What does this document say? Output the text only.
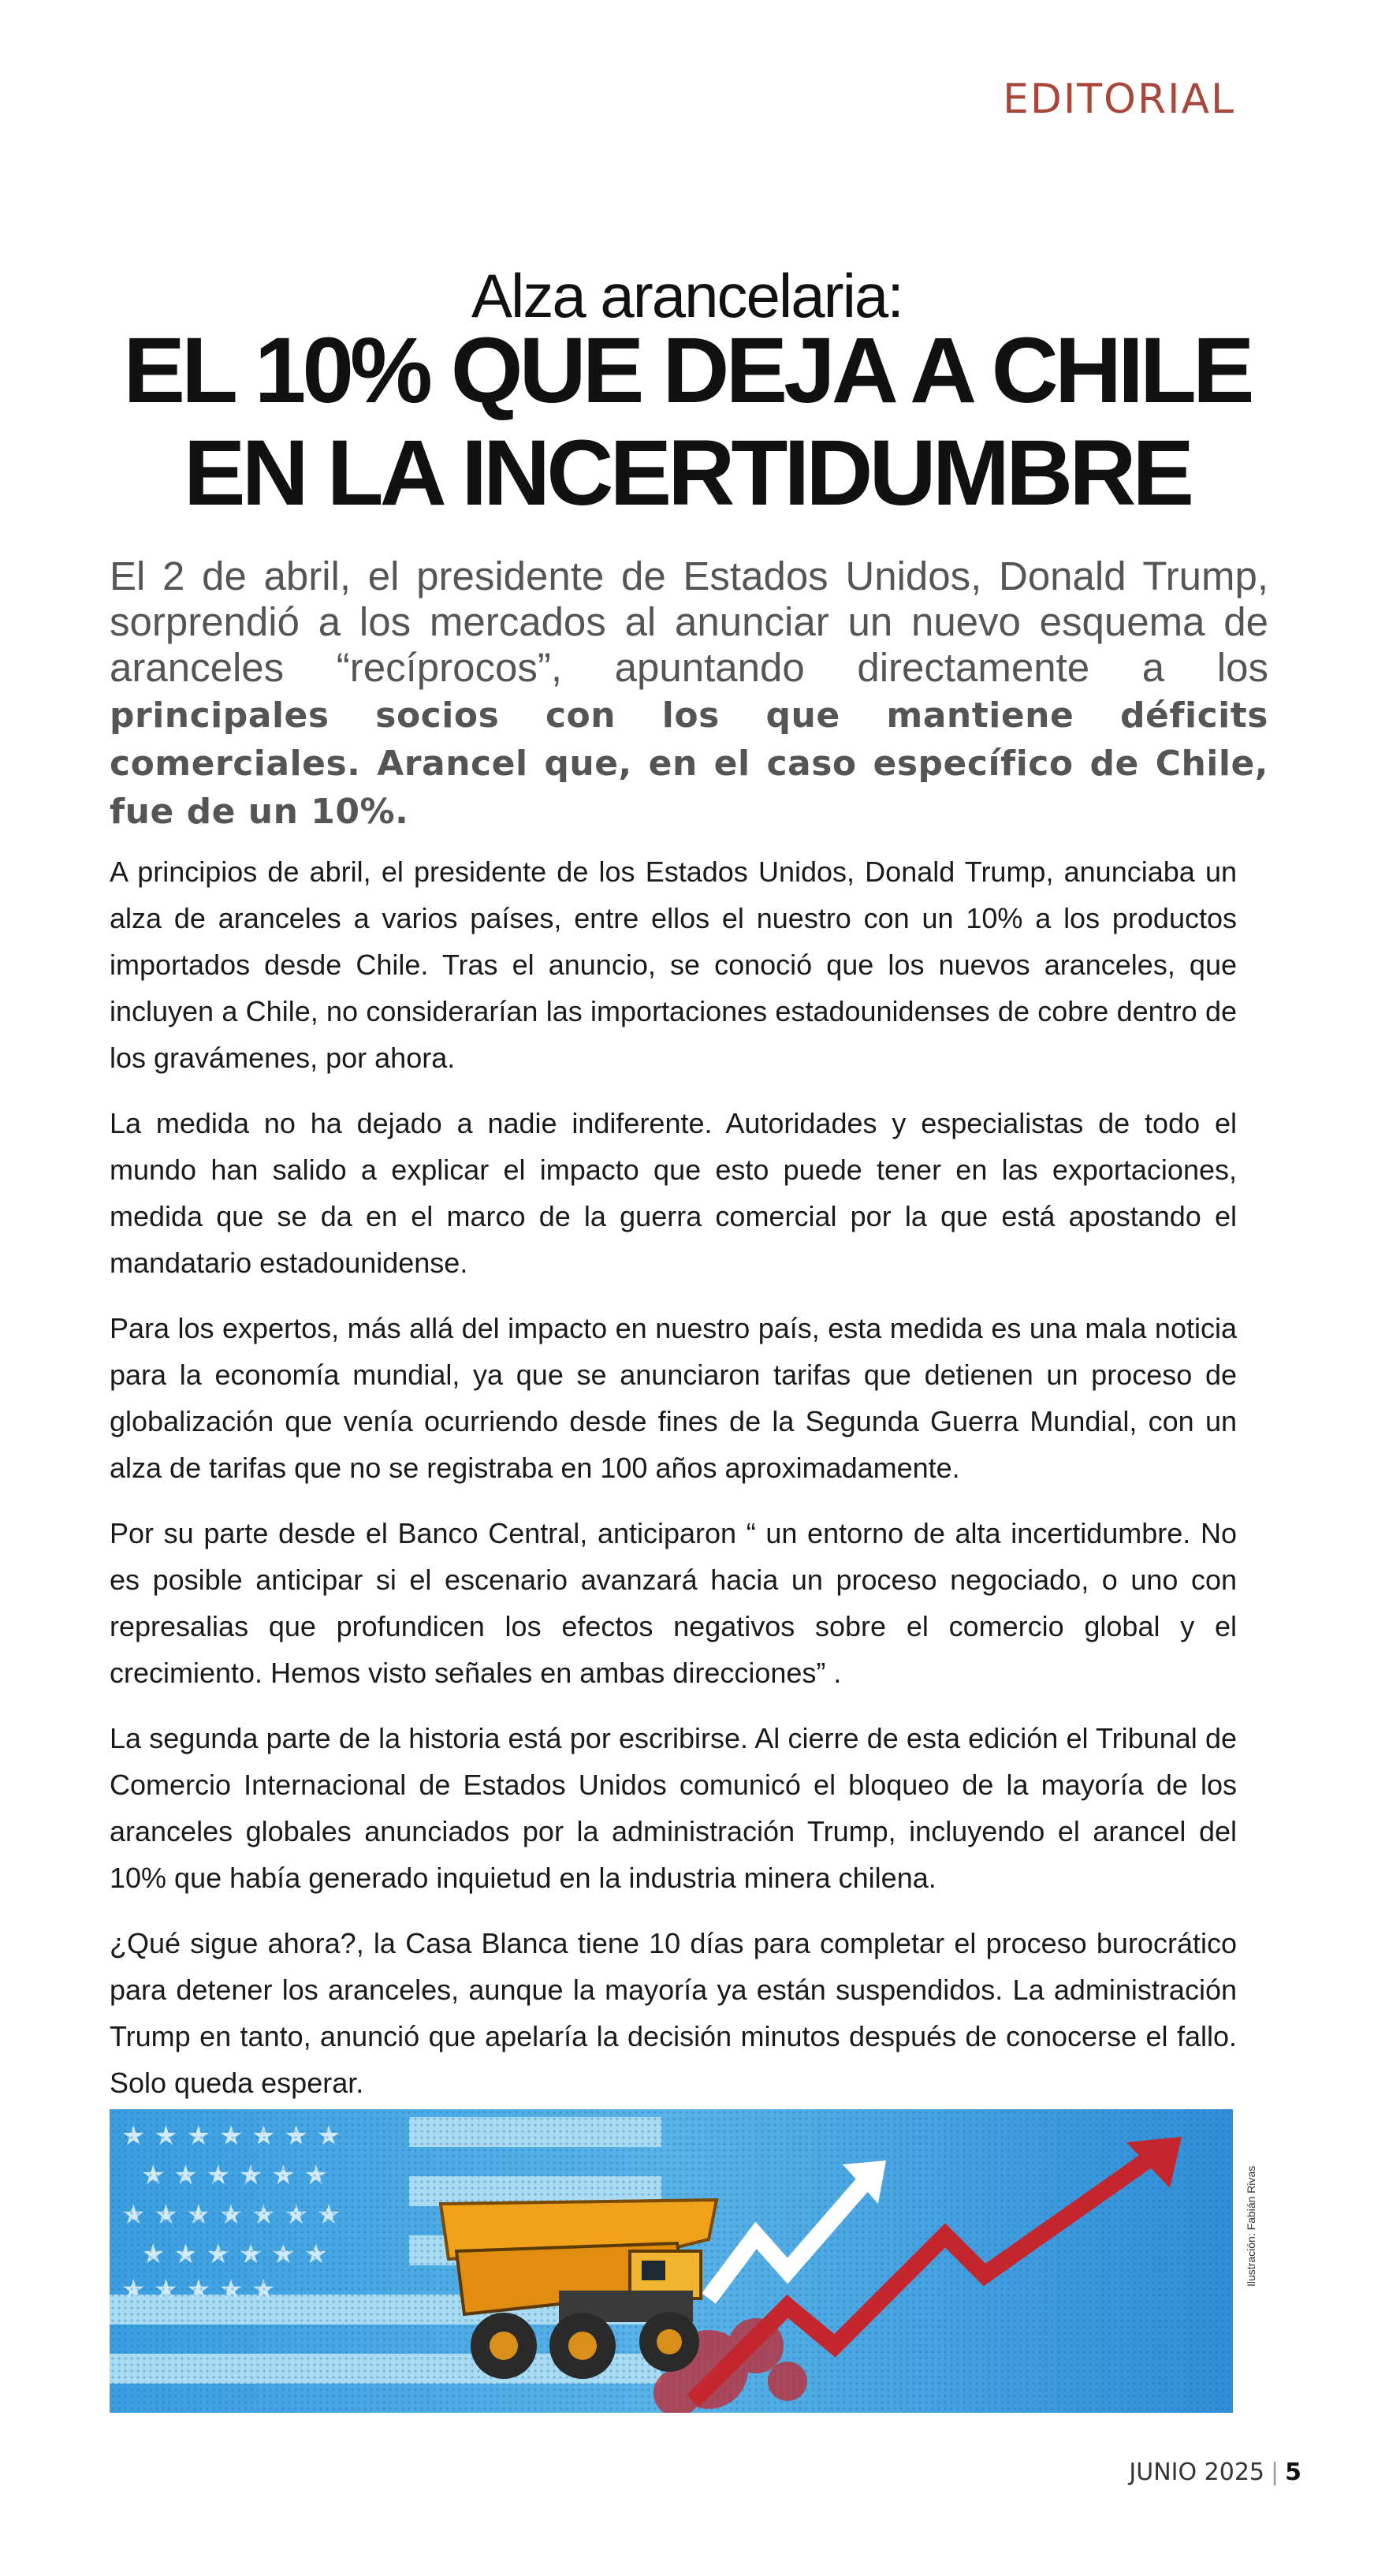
EDITORIAL
Alza arancelaria:
EL 10% QUE DEJA A CHILE
EN LA INCERTIDUMBRE

El 2 de abril, el presidente de Estados Unidos, Donald Trump, sorprendió a los mercados al anunciar un nuevo esquema de aranceles “recíprocos”, apuntando directamente a los principales socios con los que mantiene déficits comerciales. Arancel que, en el caso específico de Chile, fue de un 10%.

A principios de abril, el presidente de los Estados Unidos, Donald Trump, anunciaba un alza de aranceles a varios países, entre ellos el nuestro con un 10% a los productos importados desde Chile. Tras el anuncio, se conoció que los nuevos aranceles, que incluyen a Chile, no considerarían las importaciones estadounidenses de cobre dentro de los gravámenes, por ahora.

La medida no ha dejado a nadie indiferente. Autoridades y especialistas de todo el mundo han salido a explicar el impacto que esto puede tener en las exportaciones, medida que se da en el marco de la guerra comercial por la que está apostando el mandatario estadounidense.

Para los expertos, más allá del impacto en nuestro país, esta medida es una mala noticia para la economía mundial, ya que se anunciaron tarifas que detienen un proceso de globalización que venía ocurriendo desde fines de la Segunda Guerra Mundial, con un alza de tarifas que no se registraba en 100 años aproximadamente.

Por su parte desde el Banco Central, anticiparon “ un entorno de alta incertidumbre. No es posible anticipar si el escenario avanzará hacia un proceso negociado, o uno con represalias que profundicen los efectos negativos sobre el comercio global y el crecimiento. Hemos visto señales en ambas direcciones” .

La segunda parte de la historia está por escribirse. Al cierre de esta edición el Tribunal de Comercio Internacional de Estados Unidos comunicó el bloqueo de la mayoría de los aranceles globales anunciados por la administración Trump, incluyendo el arancel del 10% que había generado inquietud en la industria minera chilena.

¿Qué sigue ahora?, la Casa Blanca tiene 10 días para completar el proceso burocrático para detener los aranceles, aunque la mayoría ya están suspendidos. La administración Trump en tanto, anunció que apelaría la decisión minutos después de conocerse el fallo. Solo queda esperar.

Ilustración: Fabián Rivas
JUNIO 2025 | 5
